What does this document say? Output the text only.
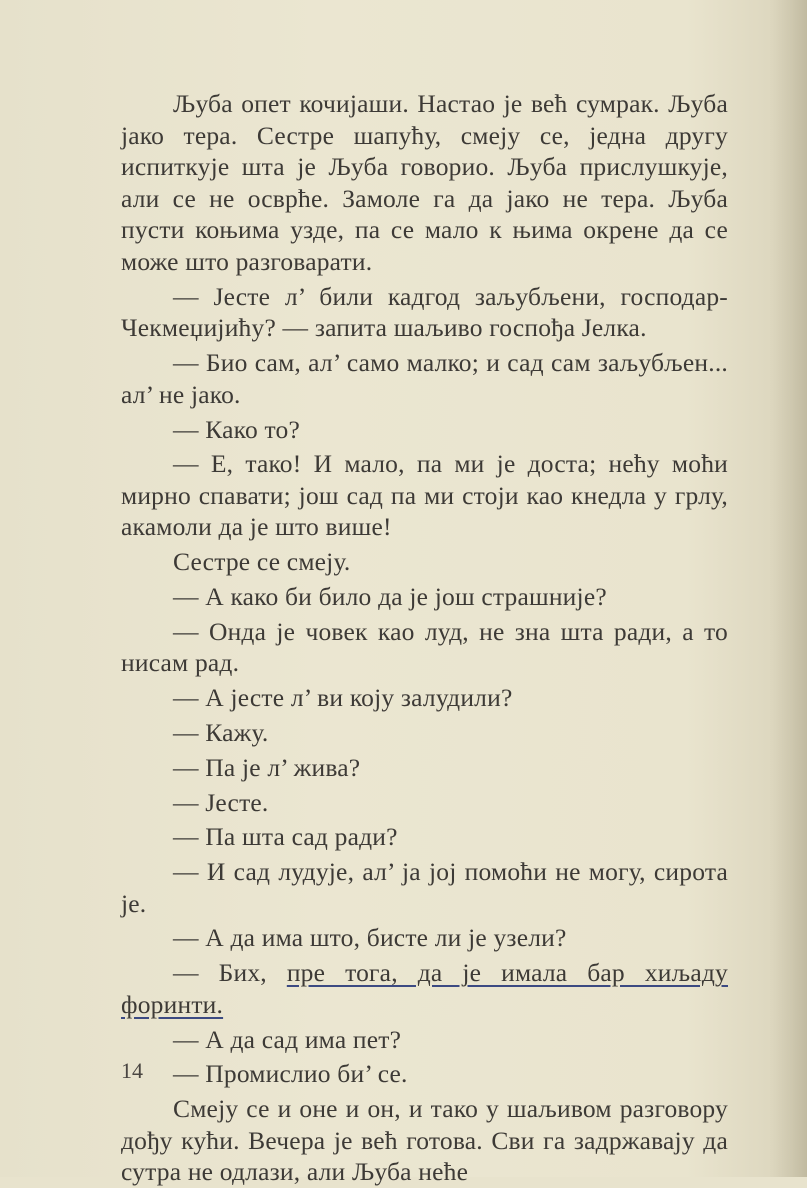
Љуба опет кочијаши. Настао је већ сумрак. Љуба јако тера. Сестре шапућу, смеју се, једна другу испиткује шта је Љуба говорио. Љуба прислушкује, али се не осврће. Замоле га да јако не тера. Љуба пусти коњима узде, па се мало к њима окрене да се може што разговарати.

— Јесте л’ били кадгод заљубљени, господар-Чекмеџијићу? — запита шаљиво госпођа Јелка.

— Био сам, ал’ само малко; и сад сам заљубљен... ал’ не јако.

— Како то?

— Е, тако! И мало, па ми је доста; нећу моћи мирно спавати; још сад па ми стоји као кнедла у грлу, акамоли да је што више!

Сестре се смеју.

— А како би било да је још страшније?

— Онда је човек као луд, не зна шта ради, а то нисам рад.

— А јесте л’ ви коју залудили?

— Кажу.

— Па је л’ жива?

— Јесте.

— Па шта сад ради?

— И сад лудује, ал’ ја јој помоћи не могу, сирота је.

— А да има што, бисте ли је узели?

— Бих, пре тога, да је имала бар хиљаду форинти.

— А да сад има пет?

— Промислио би’ се.

Смеју се и оне и он, и тако у шаљивом разговору дођу кући. Вечера је већ готова. Сви га задржавају да сутра не одлази, али Љуба неће

14
